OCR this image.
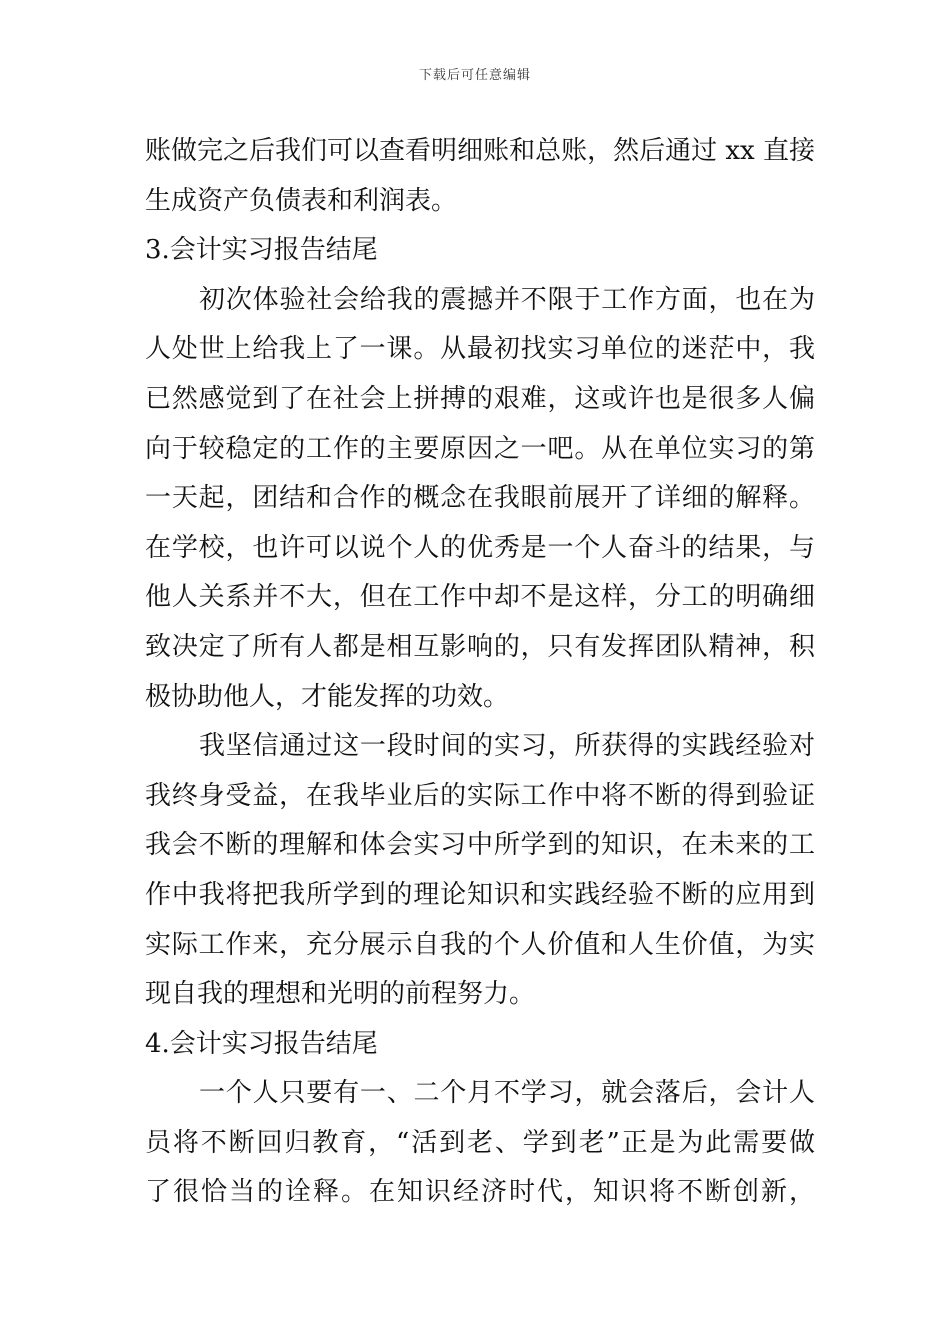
下载后可任意编辑
账做完之后我们可以查看明细账和总账，然后通过 xx 直接
生成资产负债表和利润表。
3.会计实习报告结尾
初次体验社会给我的震撼并不限于工作方面，也在为
人处世上给我上了一课。从最初找实习单位的迷茫中，我
已然感觉到了在社会上拼搏的艰难，这或许也是很多人偏
向于较稳定的工作的主要原因之一吧。从在单位实习的第
一天起，团结和合作的概念在我眼前展开了详细的解释。
在学校，也许可以说个人的优秀是一个人奋斗的结果，与
他人关系并不大，但在工作中却不是这样，分工的明确细
致决定了所有人都是相互影响的，只有发挥团队精神，积
极协助他人，才能发挥的功效。
我坚信通过这一段时间的实习，所获得的实践经验对
我终身受益，在我毕业后的实际工作中将不断的得到验证
我会不断的理解和体会实习中所学到的知识，在未来的工
作中我将把我所学到的理论知识和实践经验不断的应用到
实际工作来，充分展示自我的个人价值和人生价值，为实
现自我的理想和光明的前程努力。
4.会计实习报告结尾
一个人只要有一、二个月不学习，就会落后，会计人
员将不断回归教育，“活到老、学到老”正是为此需要做
了很恰当的诠释。在知识经济时代，知识将不断创新，
